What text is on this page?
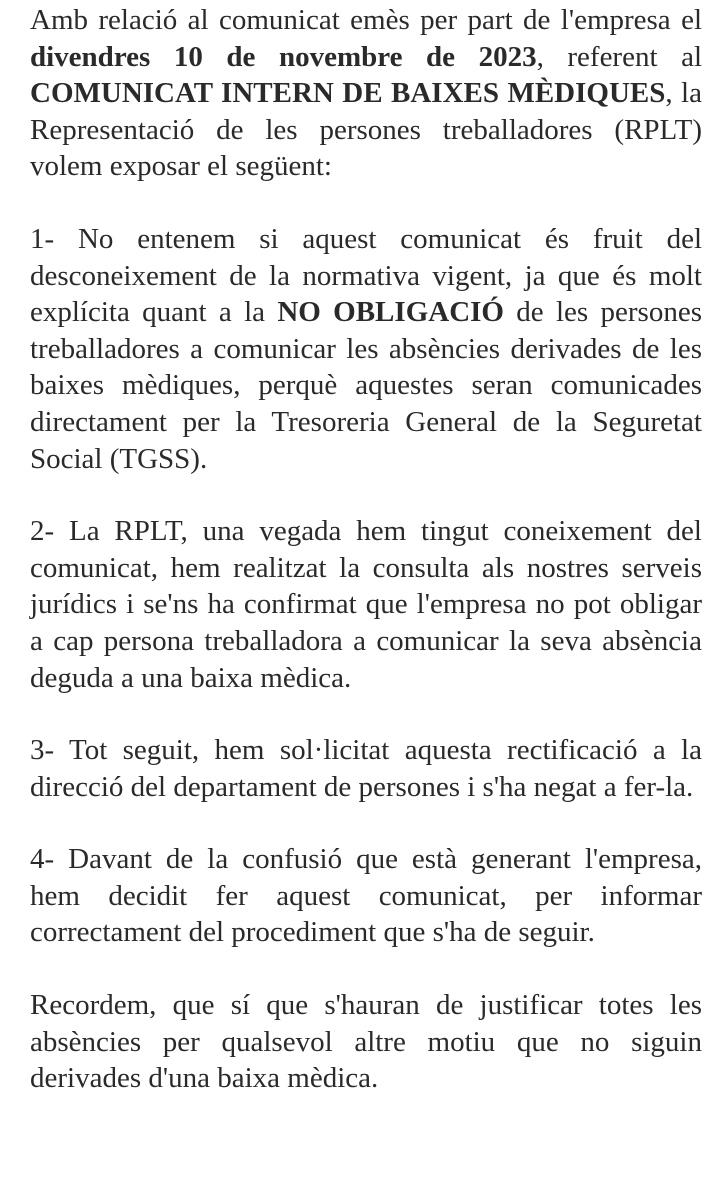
Amb relació al comunicat emès per part de l'empresa el divendres 10 de novembre de 2023, referent al COMUNICAT INTERN DE BAIXES MÈDIQUES, la Representació de les persones treballadores (RPLT) volem exposar el següent:

1- No entenem si aquest comunicat és fruit del desconeixement de la normativa vigent, ja que és molt explícita quant a la NO OBLIGACIÓ de les persones treballadores a comunicar les absències derivades de les baixes mèdiques, perquè aquestes seran comunicades directament per la Tresoreria General de la Seguretat Social (TGSS).

2- La RPLT, una vegada hem tingut coneixement del comunicat, hem realitzat la consulta als nostres serveis jurídics i se'ns ha confirmat que l'empresa no pot obligar a cap persona treballadora a comunicar la seva absència deguda a una baixa mèdica.

3- Tot seguit, hem sol·licitat aquesta rectificació a la direcció del departament de persones i s'ha negat a fer-la.

4- Davant de la confusió que està generant l'empresa, hem decidit fer aquest comunicat, per informar correctament del procediment que s'ha de seguir.

Recordem, que sí que s'hauran de justificar totes les absències per qualsevol altre motiu que no siguin derivades d'una baixa mèdica.
